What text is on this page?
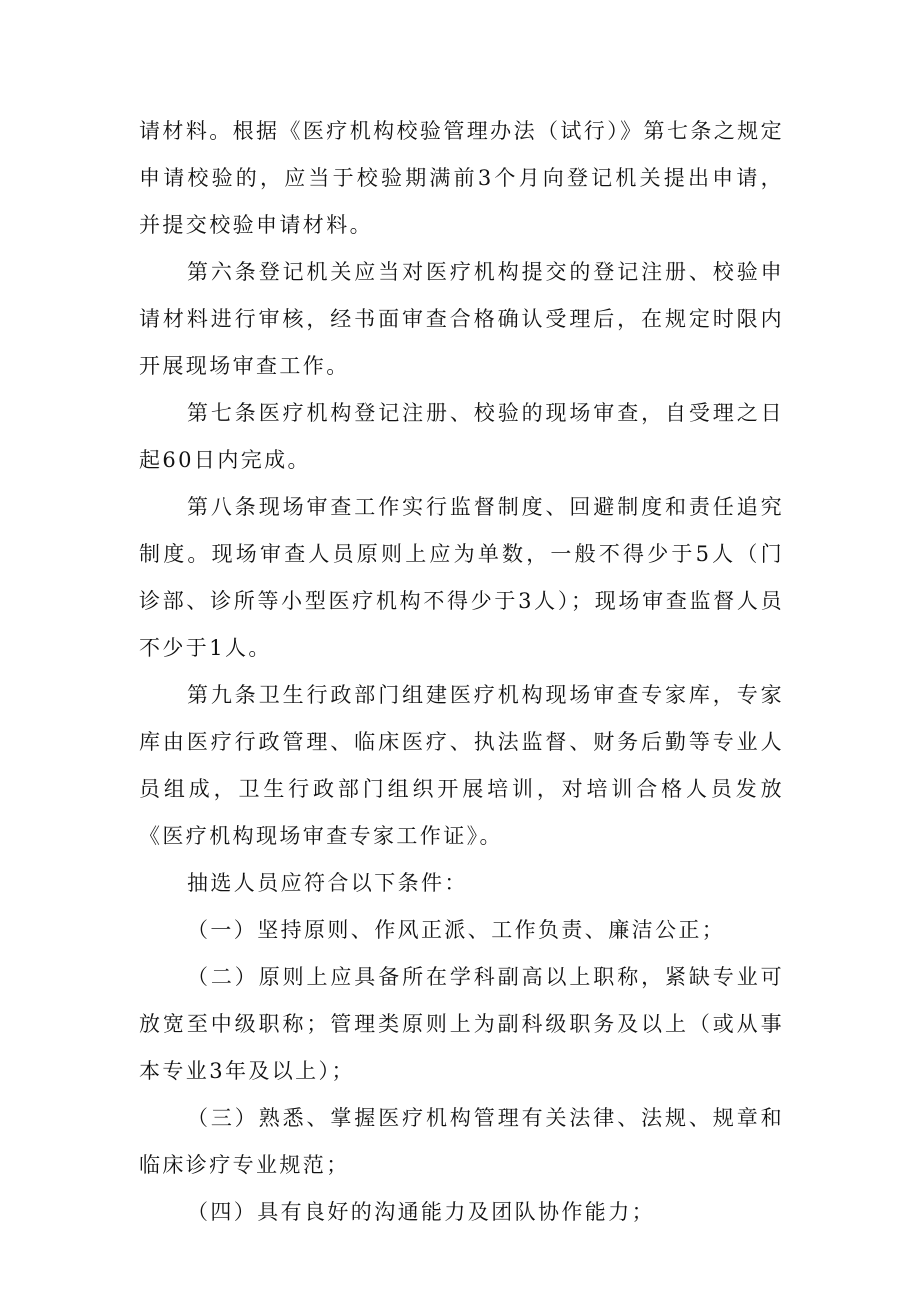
请材料。根据《医疗机构校验管理办法（试行）》第七条之规定申请校验的，应当于校验期满前3个月向登记机关提出申请，并提交校验申请材料。

第六条登记机关应当对医疗机构提交的登记注册、校验申请材料进行审核，经书面审查合格确认受理后，在规定时限内开展现场审查工作。

第七条医疗机构登记注册、校验的现场审查，自受理之日起60日内完成。

第八条现场审查工作实行监督制度、回避制度和责任追究制度。现场审查人员原则上应为单数，一般不得少于5人（门诊部、诊所等小型医疗机构不得少于3人）；现场审查监督人员不少于1人。

第九条卫生行政部门组建医疗机构现场审查专家库，专家库由医疗行政管理、临床医疗、执法监督、财务后勤等专业人员组成，卫生行政部门组织开展培训，对培训合格人员发放《医疗机构现场审查专家工作证》。

抽选人员应符合以下条件：

（一）坚持原则、作风正派、工作负责、廉洁公正；

（二）原则上应具备所在学科副高以上职称，紧缺专业可放宽至中级职称；管理类原则上为副科级职务及以上（或从事本专业3年及以上）；

（三）熟悉、掌握医疗机构管理有关法律、法规、规章和临床诊疗专业规范；

（四）具有良好的沟通能力及团队协作能力；
